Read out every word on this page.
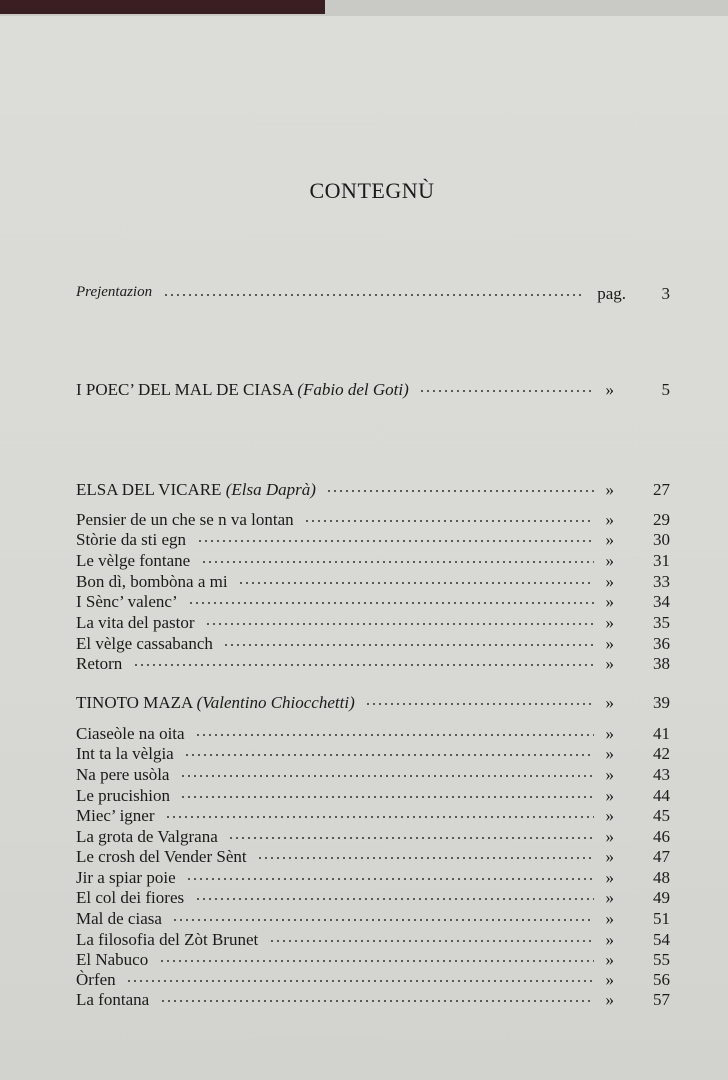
CONTEGNÙ
Prejentazion	pag.	3
I POEC’ DEL MAL DE CIASA (Fabio del Goti)	»	5
ELSA DEL VICARE (Elsa Daprà)	»	27
Pensier de un che se n va lontan	»	29
Stòrie da sti egn	»	30
Le vèlge fontane	»	31
Bon dì, bombòna a mi	»	33
I Sènc’ valenc’	»	34
La vita del pastor	»	35
El vèlge cassabanch	»	36
Retorn	»	38
TINOTO MAZA (Valentino Chiocchetti)	»	39
Ciaseòle na oita	»	41
Int ta la vèlgia	»	42
Na pere usòla	»	43
Le prucishion	»	44
Miec’ igner	»	45
La grota de Valgrana	»	46
Le crosh del Vender Sènt	»	47
Jir a spiar poie	»	48
El col dei fiores	»	49
Mal de ciasa	»	51
La filosofia del Zòt Brunet	»	54
El Nabuco	»	55
Òrfen	»	56
La fontana	»	57
